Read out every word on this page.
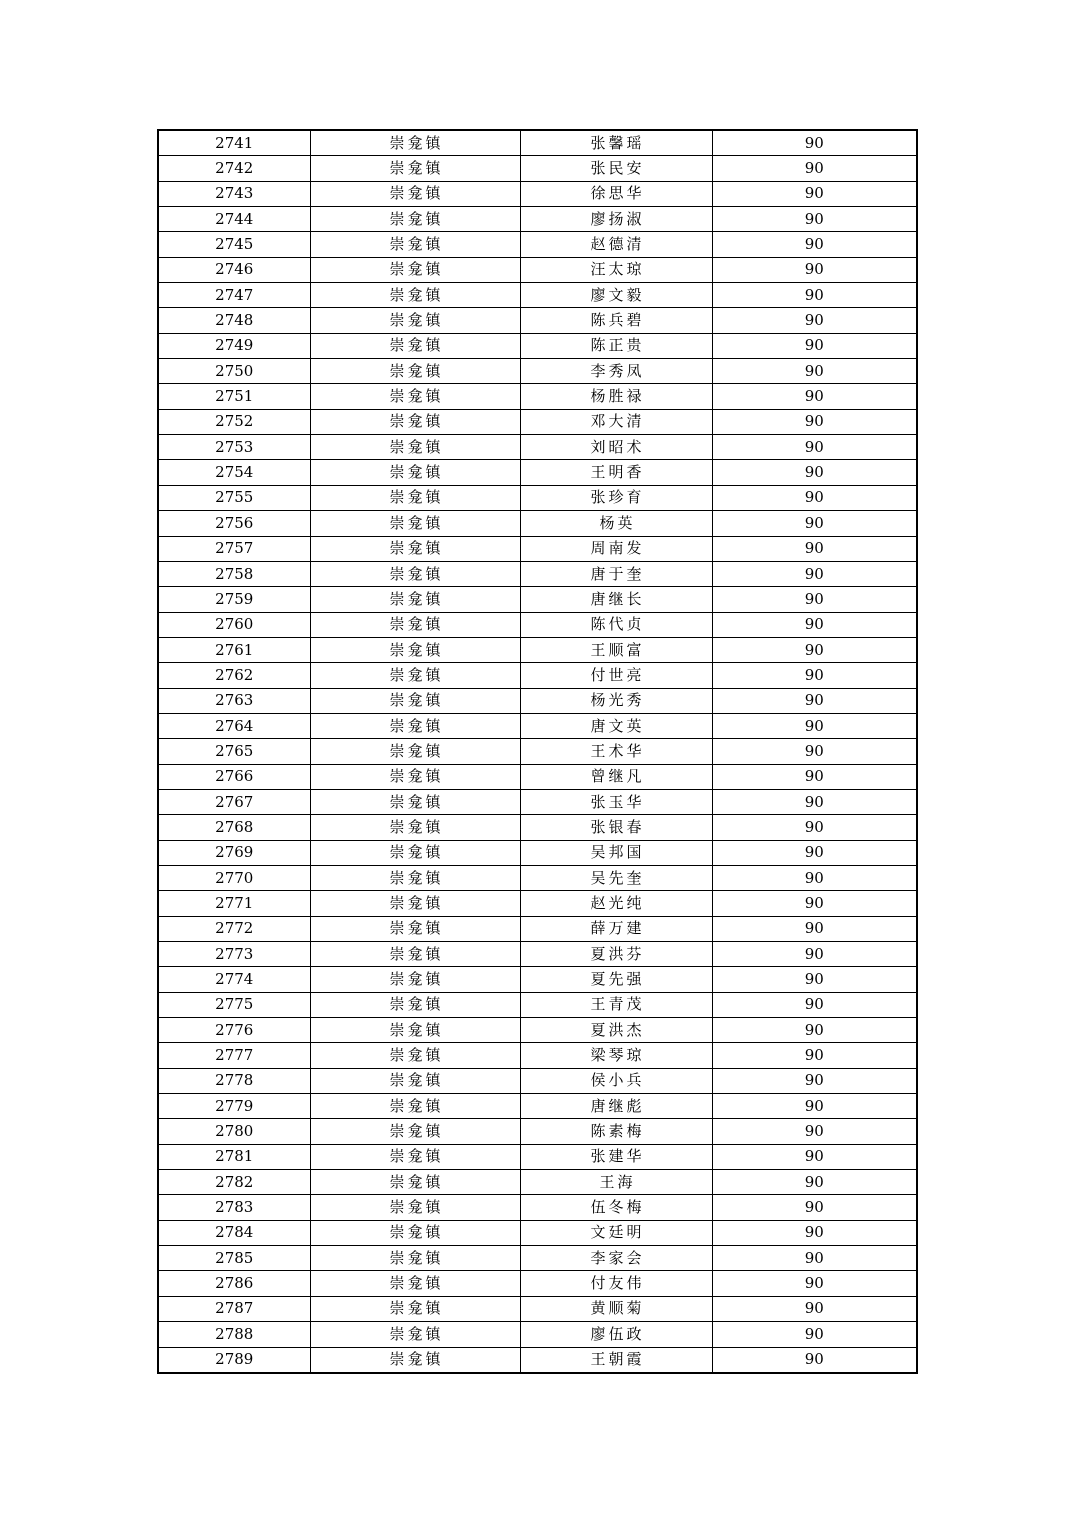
2741	崇龛镇	张馨瑶	90
2742	崇龛镇	张民安	90
2743	崇龛镇	徐思华	90
2744	崇龛镇	廖扬淑	90
2745	崇龛镇	赵德清	90
2746	崇龛镇	汪太琼	90
2747	崇龛镇	廖文毅	90
2748	崇龛镇	陈兵碧	90
2749	崇龛镇	陈正贵	90
2750	崇龛镇	李秀凤	90
2751	崇龛镇	杨胜禄	90
2752	崇龛镇	邓大清	90
2753	崇龛镇	刘昭术	90
2754	崇龛镇	王明香	90
2755	崇龛镇	张珍育	90
2756	崇龛镇	杨英	90
2757	崇龛镇	周南发	90
2758	崇龛镇	唐于奎	90
2759	崇龛镇	唐继长	90
2760	崇龛镇	陈代贞	90
2761	崇龛镇	王顺富	90
2762	崇龛镇	付世亮	90
2763	崇龛镇	杨光秀	90
2764	崇龛镇	唐文英	90
2765	崇龛镇	王术华	90
2766	崇龛镇	曾继凡	90
2767	崇龛镇	张玉华	90
2768	崇龛镇	张银春	90
2769	崇龛镇	吴邦国	90
2770	崇龛镇	吴先奎	90
2771	崇龛镇	赵光纯	90
2772	崇龛镇	薛万建	90
2773	崇龛镇	夏洪芬	90
2774	崇龛镇	夏先强	90
2775	崇龛镇	王青茂	90
2776	崇龛镇	夏洪杰	90
2777	崇龛镇	梁琴琼	90
2778	崇龛镇	侯小兵	90
2779	崇龛镇	唐继彪	90
2780	崇龛镇	陈素梅	90
2781	崇龛镇	张建华	90
2782	崇龛镇	王海	90
2783	崇龛镇	伍冬梅	90
2784	崇龛镇	文廷明	90
2785	崇龛镇	李家会	90
2786	崇龛镇	付友伟	90
2787	崇龛镇	黄顺菊	90
2788	崇龛镇	廖伍政	90
2789	崇龛镇	王朝霞	90
